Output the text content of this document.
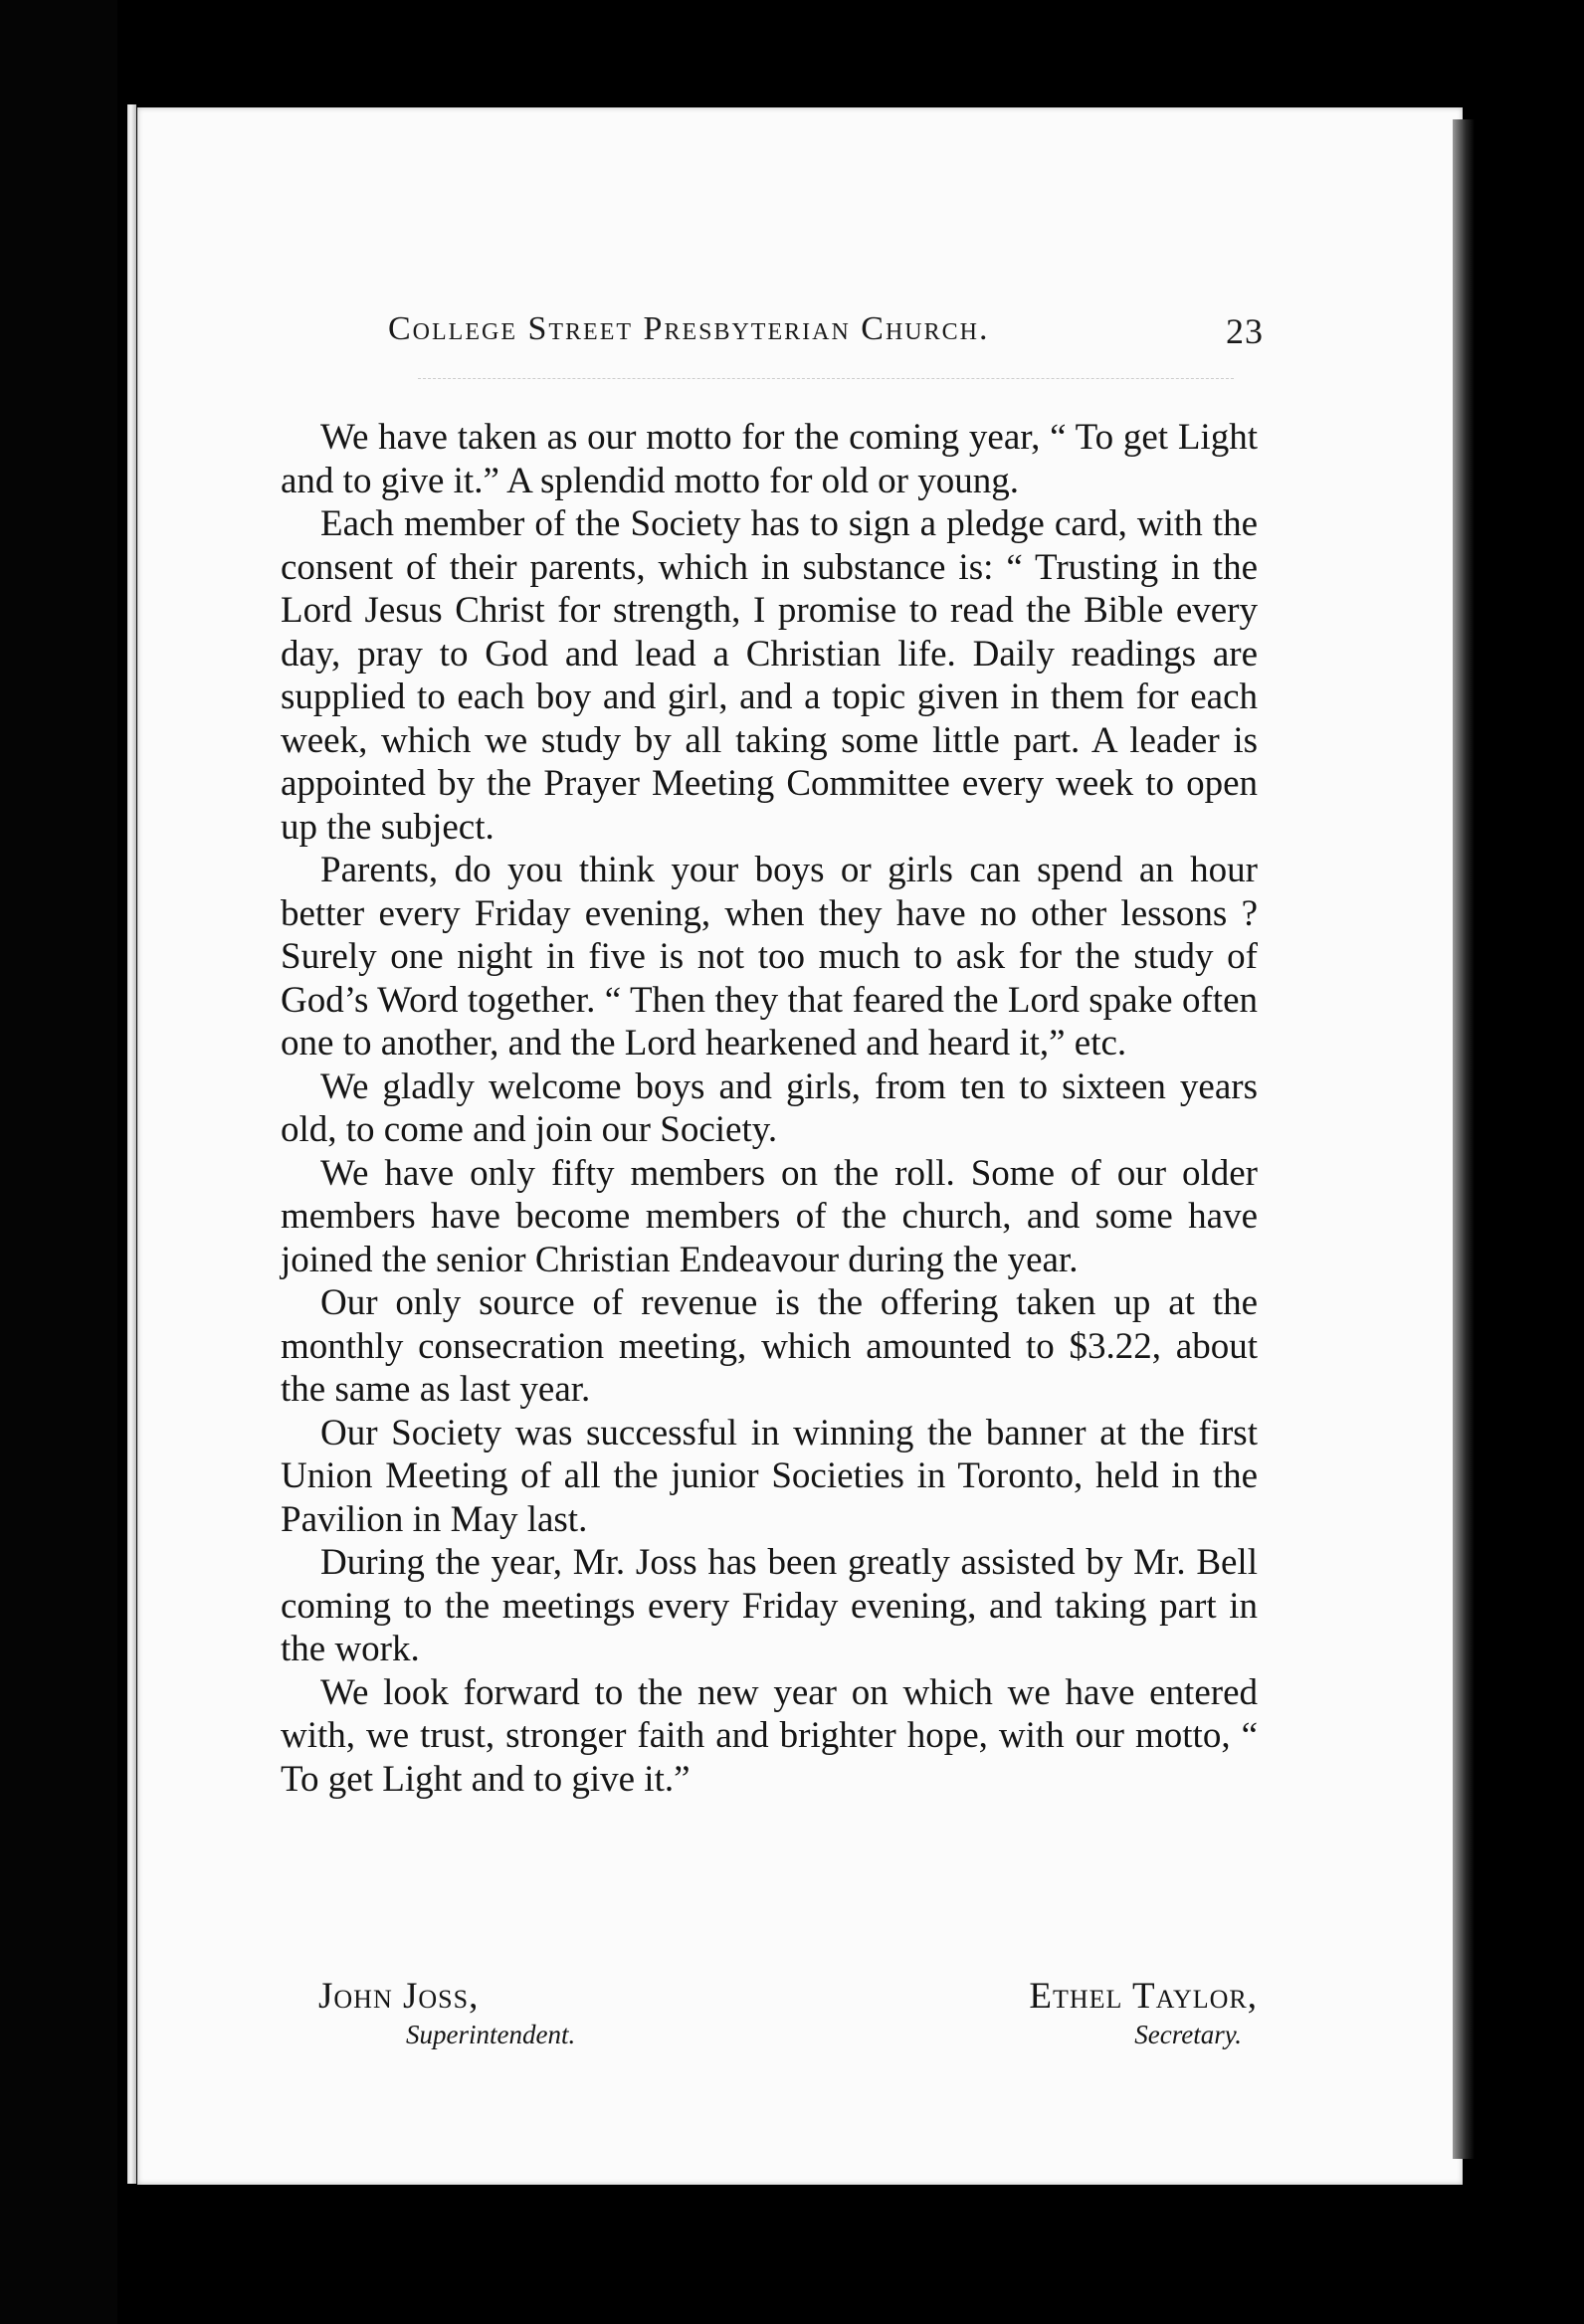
College Street Presbyterian Church.	23

We have taken as our motto for the coming year, “ To get Light and to give it.” A splendid motto for old or young.

Each member of the Society has to sign a pledge card, with the consent of their parents, which in substance is: “ Trusting in the Lord Jesus Christ for strength, I promise to read the Bible every day, pray to God and lead a Christian life. Daily readings are supplied to each boy and girl, and a topic given in them for each week, which we study by all taking some little part. A leader is appointed by the Prayer Meeting Committee every week to open up the subject.

Parents, do you think your boys or girls can spend an hour better every Friday evening, when they have no other lessons ? Surely one night in five is not too much to ask for the study of God’s Word together. “ Then they that feared the Lord spake often one to another, and the Lord hearkened and heard it,” etc.

We gladly welcome boys and girls, from ten to sixteen years old, to come and join our Society.

We have only fifty members on the roll. Some of our older members have become members of the church, and some have joined the senior Christian Endeavour during the year.

Our only source of revenue is the offering taken up at the monthly consecration meeting, which amounted to $3.22, about the same as last year.

Our Society was successful in winning the banner at the first Union Meeting of all the junior Societies in Toronto, held in the Pavilion in May last.

During the year, Mr. Joss has been greatly assisted by Mr. Bell coming to the meetings every Friday evening, and taking part in the work.

We look forward to the new year on which we have entered with, we trust, stronger faith and brighter hope, with our motto, “ To get Light and to give it.”

John Joss,
Superintendent.
Ethel Taylor,
Secretary.
